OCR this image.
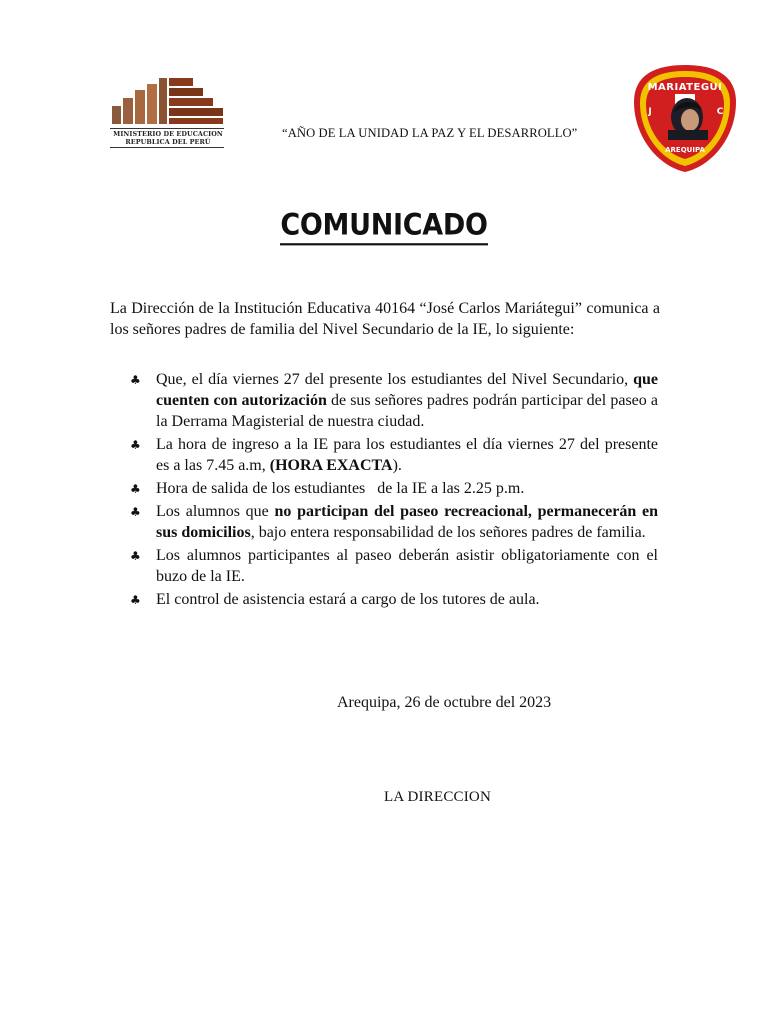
MINISTERIO DE EDUCACION
REPUBLICA DEL PERÚ
“AÑO DE LA UNIDAD LA PAZ Y EL DESARROLLO”
MARIATEGUI
J	C
AREQUIPA
COMUNICADO
La Dirección de la Institución Educativa 40164 “José Carlos Mariátegui” comunica a los señores padres de familia del Nivel Secundario de la IE, lo siguiente:
♣ Que, el día viernes 27 del presente los estudiantes del Nivel Secundario, que cuenten con autorización de sus señores padres podrán participar del paseo a la Derrama Magisterial de nuestra ciudad.
♣ La hora de ingreso a la IE para los estudiantes el día viernes 27 del presente es a las 7.45 a.m, (HORA EXACTA).
♣ Hora de salida de los estudiantes   de la IE a las 2.25 p.m.
♣ Los alumnos que no participan del paseo recreacional, permanecerán en sus domicilios, bajo entera responsabilidad de los señores padres de familia.
♣ Los alumnos participantes al paseo deberán asistir obligatoriamente con el buzo de la IE.
♣ El control de asistencia estará a cargo de los tutores de aula.
Arequipa, 26 de octubre del 2023
LA DIRECCION
